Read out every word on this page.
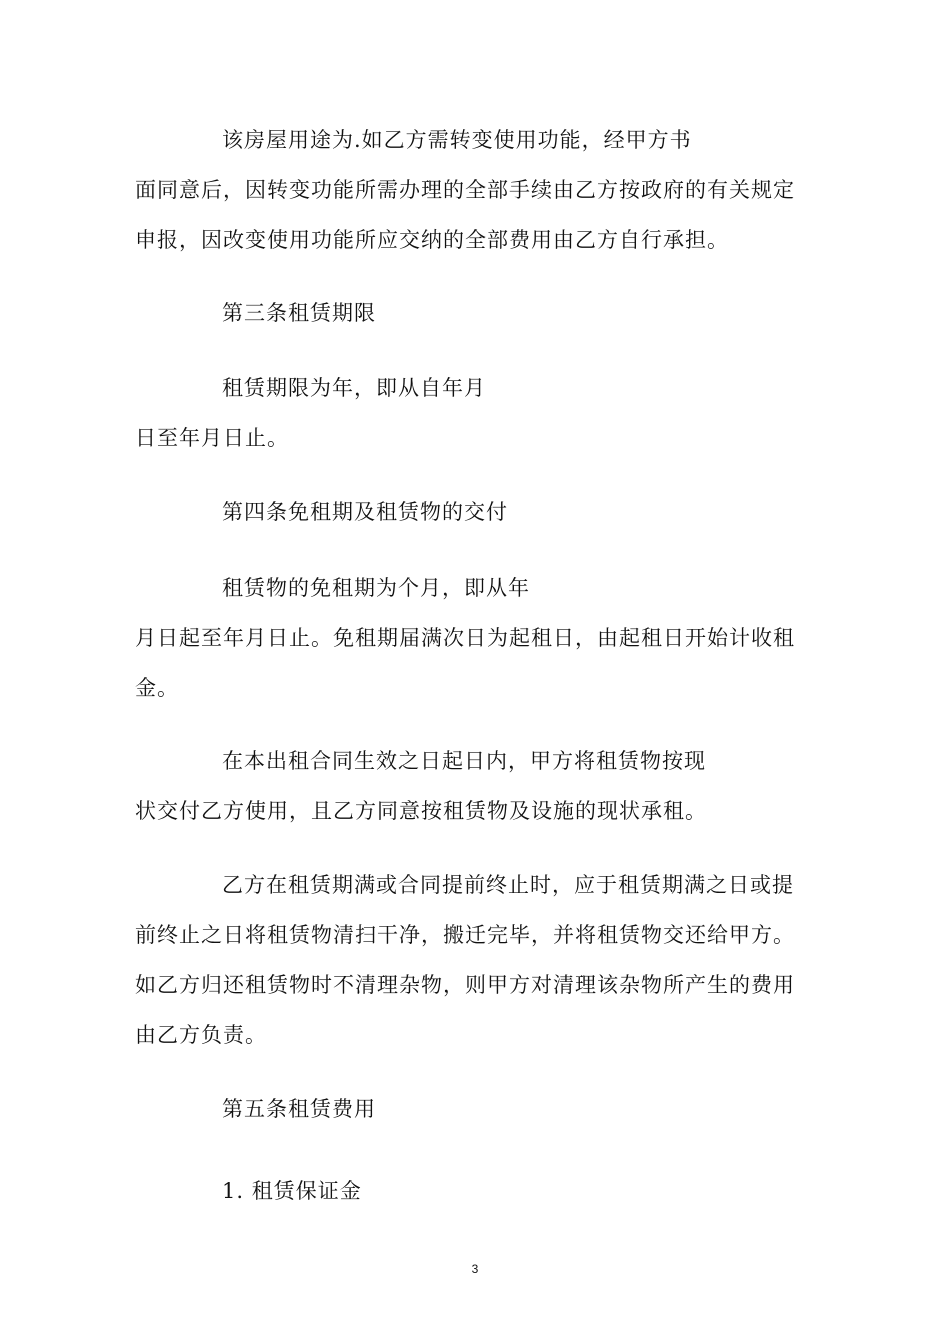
该房屋用途为.如乙方需转变使用功能，经甲方书
面同意后，因转变功能所需办理的全部手续由乙方按政府的有关规定
申报，因改变使用功能所应交纳的全部费用由乙方自行承担。
第三条租赁期限
租赁期限为年，即从自年月
日至年月日止。
第四条免租期及租赁物的交付
租赁物的免租期为个月，即从年
月日起至年月日止。免租期届满次日为起租日，由起租日开始计收租
金。
在本出租合同生效之日起日内，甲方将租赁物按现
状交付乙方使用，且乙方同意按租赁物及设施的现状承租。
乙方在租赁期满或合同提前终止时，应于租赁期满之日或提
前终止之日将租赁物清扫干净，搬迁完毕，并将租赁物交还给甲方。
如乙方归还租赁物时不清理杂物，则甲方对清理该杂物所产生的费用
由乙方负责。
第五条租赁费用
1. 租赁保证金
3
